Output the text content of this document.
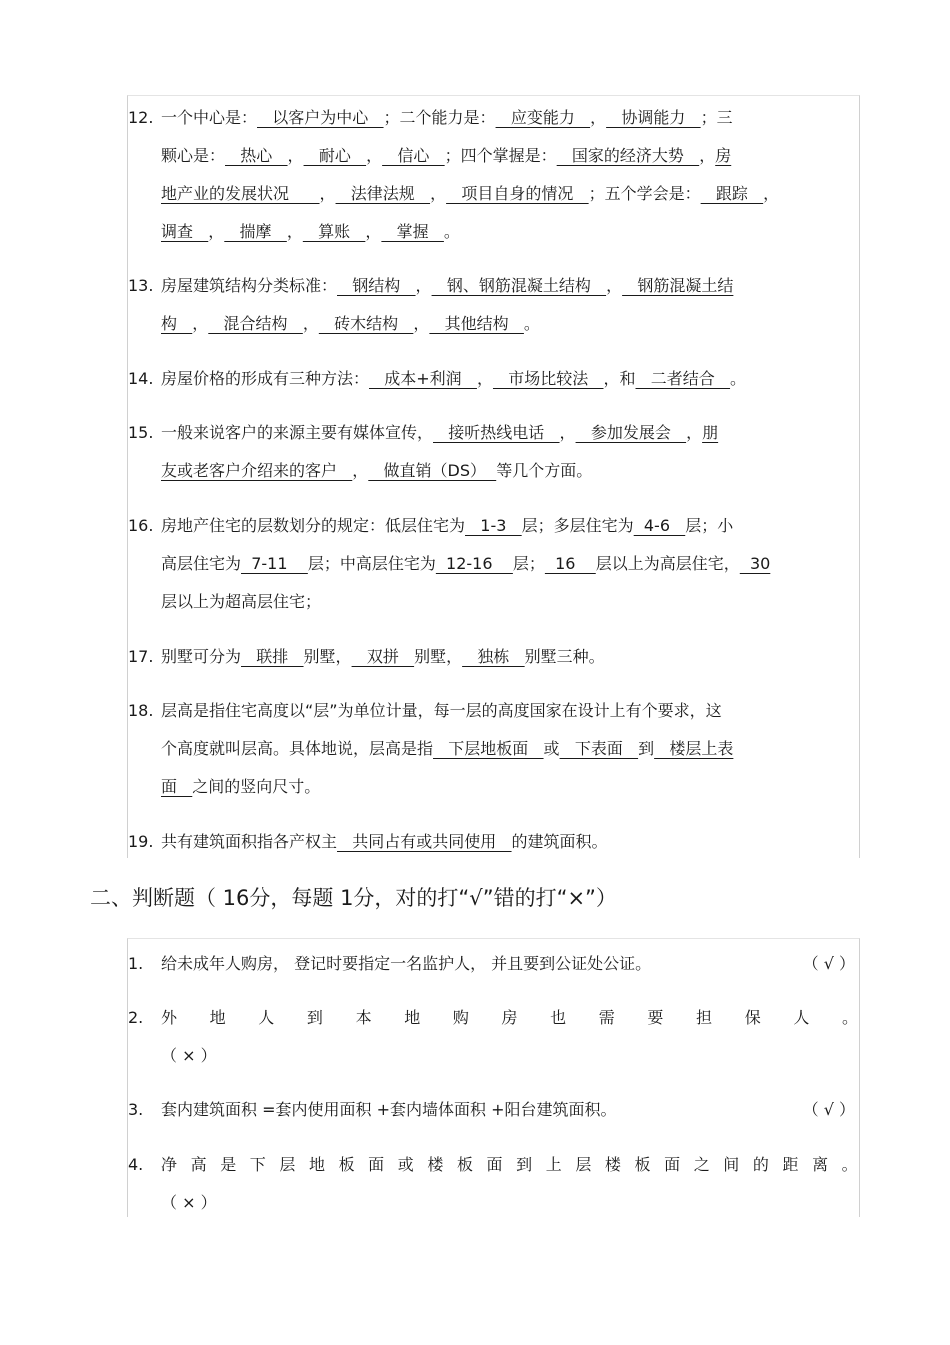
12. 一个中心是：   以客户为中心   ；二个能力是：   应变能力   ，   协调能力   ；三
颗心是：   热心   ，   耐心   ，   信心   ；四个掌握是：   国家的经济大势   ，房
地产业的发展状况      ，   法律法规   ，   项目自身的情况   ；五个学会是：   跟踪   ，
调查   ，   揣摩   ，   算账   ，   掌握   。
13. 房屋建筑结构分类标准：   钢结构   ，   钢、钢筋混凝土结构   ，   钢筋混凝土结
构   ，   混合结构   ，   砖木结构   ，   其他结构   。
14. 房屋价格的形成有三种方法：   成本+利润   ，   市场比较法   ，和   二者结合   。
15. 一般来说客户的来源主要有媒体宣传，   接听热线电话   ，   参加发展会   ，朋
友或老客户介绍来的客户   ，   做直销（DS）  等几个方面。
16. 房地产住宅的层数划分的规定：低层住宅为   1-3   层；多层住宅为  4-6   层；小
高层住宅为  7-11    层；中高层住宅为  12-16    层；  16    层以上为高层住宅，  30
层以上为超高层住宅；
17. 别墅可分为   联排   别墅，   双拼   别墅，   独栋   别墅三种。
18. 层高是指住宅高度以“层”为单位计量，每一层的高度国家在设计上有个要求，这
个高度就叫层高。具体地说，层高是指   下层地板面   或   下表面   到   楼层上表
面   之间的竖向尺寸。
19. 共有建筑面积指各产权主   共同占有或共同使用   的建筑面积。
二、判断题（ 16分，每题 1分，对的打“√”错的打“×”）
1. 给未成年人购房， 登记时要指定一名监护人， 并且要到公证处公证。	（ √ ）
2. 外 地 人 到 本 地 购 房 也 需 要 担 保 人 。
（ × ）
3. 套内建筑面积 =套内使用面积 +套内墙体面积 +阳台建筑面积。	（ √ ）
4. 净 高 是 下 层 地 板 面 或 楼 板 面 到 上 层 楼 板 面 之 间 的 距 离 。
（ × ）
